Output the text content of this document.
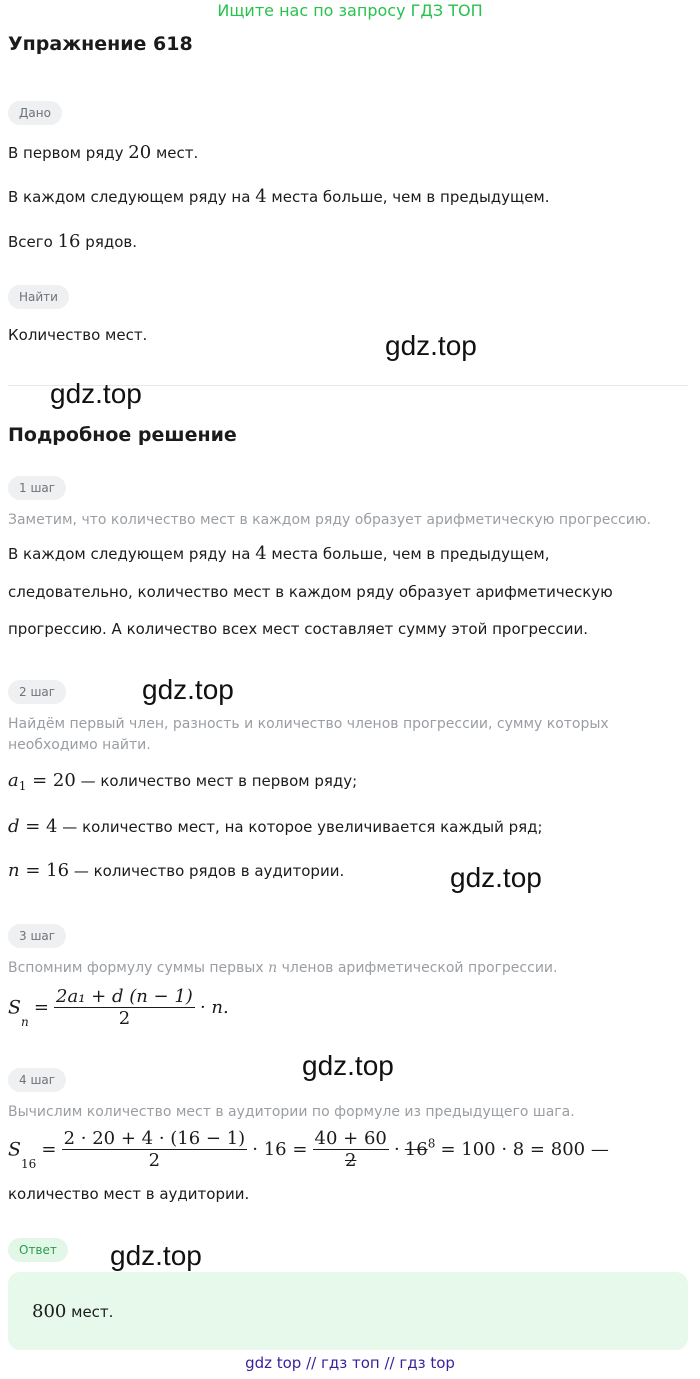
Ищите нас по запросу ГДЗ ТОП
Упражнение 618
Дано
В первом ряду 20 мест.
В каждом следующем ряду на 4 места больше, чем в предыдущем.
Всего 16 рядов.
Найти
Количество мест.	gdz.top
gdz.top
Подробное решение
1 шаг
Заметим, что количество мест в каждом ряду образует арифметическую прогрессию.
В каждом следующем ряду на 4 места больше, чем в предыдущем,
следовательно, количество мест в каждом ряду образует арифметическую
прогрессию. А количество всех мест составляет сумму этой прогрессии.
2 шаг	gdz.top
Найдём первый член, разность и количество членов прогрессии, сумму которых
необходимо найти.
$a_1 = 20$ — количество мест в первом ряду;
d = 4 — количество мест, на которое увеличивается каждый ряд;
n = 16 — количество рядов в аудитории.	gdz.top
3 шаг
Вспомним формулу суммы первых n членов арифметической прогрессии.
$S_n = \frac{\text{2a₁ + d (n − 1)}}{2} \cdot n$.
gdz.top
4 шаг
Вычислим количество мест в аудитории по формуле из предыдущего шага.
$S_{16} = \frac{2 \cdot 20 + 4 \cdot (16 - 1)}{2} \cdot 16 = \frac{40 + 60}{2} \cdot 16^8 = 100 \cdot 8 = 800$ —
количество мест в аудитории.
Ответ
800 мест.
gdz.top
gdz top // гдз топ // гдз top
